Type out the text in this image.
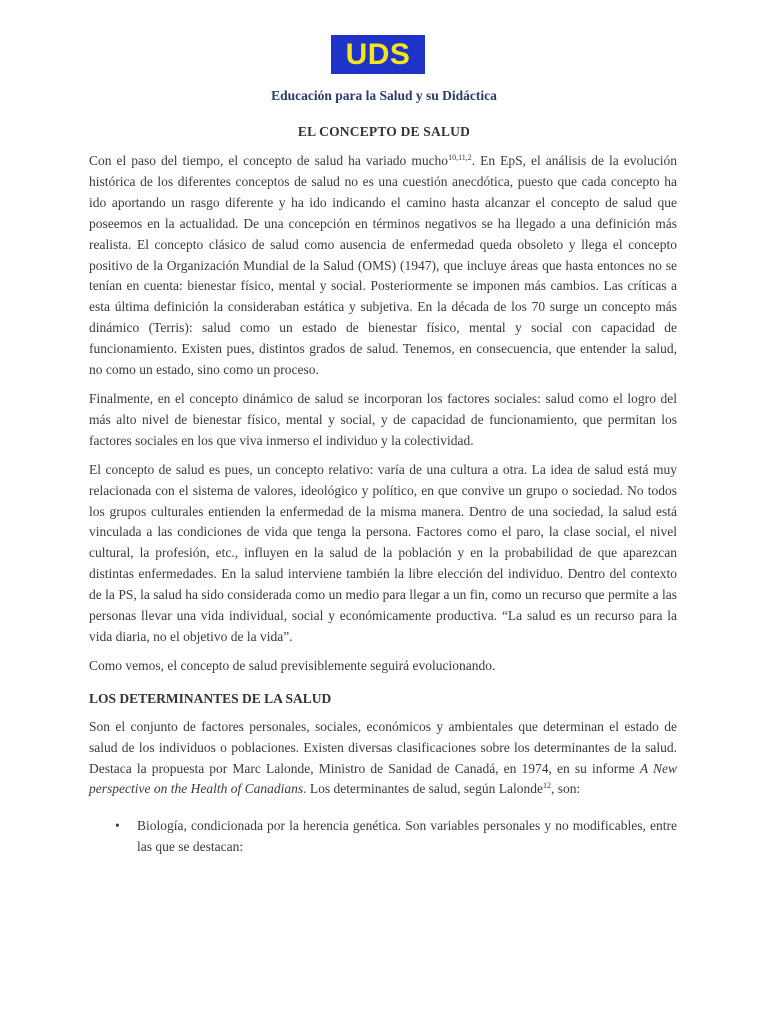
UDS
Educación para la Salud y su Didáctica
EL CONCEPTO DE SALUD

Con el paso del tiempo, el concepto de salud ha variado mucho$^{10,11,2}$. En EpS, el análisis de la evolución histórica de los diferentes conceptos de salud no es una cuestión anecdótica, puesto que cada concepto ha ido aportando un rasgo diferente y ha ido indicando el camino hasta alcanzar el concepto de salud que poseemos en la actualidad. De una concepción en términos negativos se ha llegado a una definición más realista. El concepto clásico de salud como ausencia de enfermedad queda obsoleto y llega el concepto positivo de la Organización Mundial de la Salud (OMS) (1947), que incluye áreas que hasta entonces no se tenían en cuenta: bienestar físico, mental y social. Posteriormente se imponen más cambios. Las críticas a esta última definición la consideraban estática y subjetiva. En la década de los 70 surge un concepto más dinámico (Terris): salud como un estado de bienestar físico, mental y social con capacidad de funcionamiento. Existen pues, distintos grados de salud. Tenemos, en consecuencia, que entender la salud, no como un estado, sino como un proceso.

Finalmente, en el concepto dinámico de salud se incorporan los factores sociales: salud como el logro del más alto nivel de bienestar físico, mental y social, y de capacidad de funcionamiento, que permitan los factores sociales en los que viva inmerso el individuo y la colectividad.

El concepto de salud es pues, un concepto relativo: varía de una cultura a otra. La idea de salud está muy relacionada con el sistema de valores, ideológico y político, en que convive un grupo o sociedad. No todos los grupos culturales entienden la enfermedad de la misma manera. Dentro de una sociedad, la salud está vinculada a las condiciones de vida que tenga la persona. Factores como el paro, la clase social, el nivel cultural, la profesión, etc., influyen en la salud de la población y en la probabilidad de que aparezcan distintas enfermedades. En la salud interviene también la libre elección del individuo. Dentro del contexto de la PS, la salud ha sido considerada como un medio para llegar a un fin, como un recurso que permite a las personas llevar una vida individual, social y económicamente productiva. “La salud es un recurso para la vida diaria, no el objetivo de la vida”.

Como vemos, el concepto de salud previsiblemente seguirá evolucionando.

LOS DETERMINANTES DE LA SALUD

Son el conjunto de factores personales, sociales, económicos y ambientales que determinan el estado de salud de los individuos o poblaciones. Existen diversas clasificaciones sobre los determinantes de la salud. Destaca la propuesta por Marc Lalonde, Ministro de Sanidad de Canadá, en 1974, en su informe A New perspective on the Health of Canadians. Los determinantes de salud, según Lalonde$^{12}$, son:

• Biología, condicionada por la herencia genética. Son variables personales y no modificables, entre las que se destacan:
